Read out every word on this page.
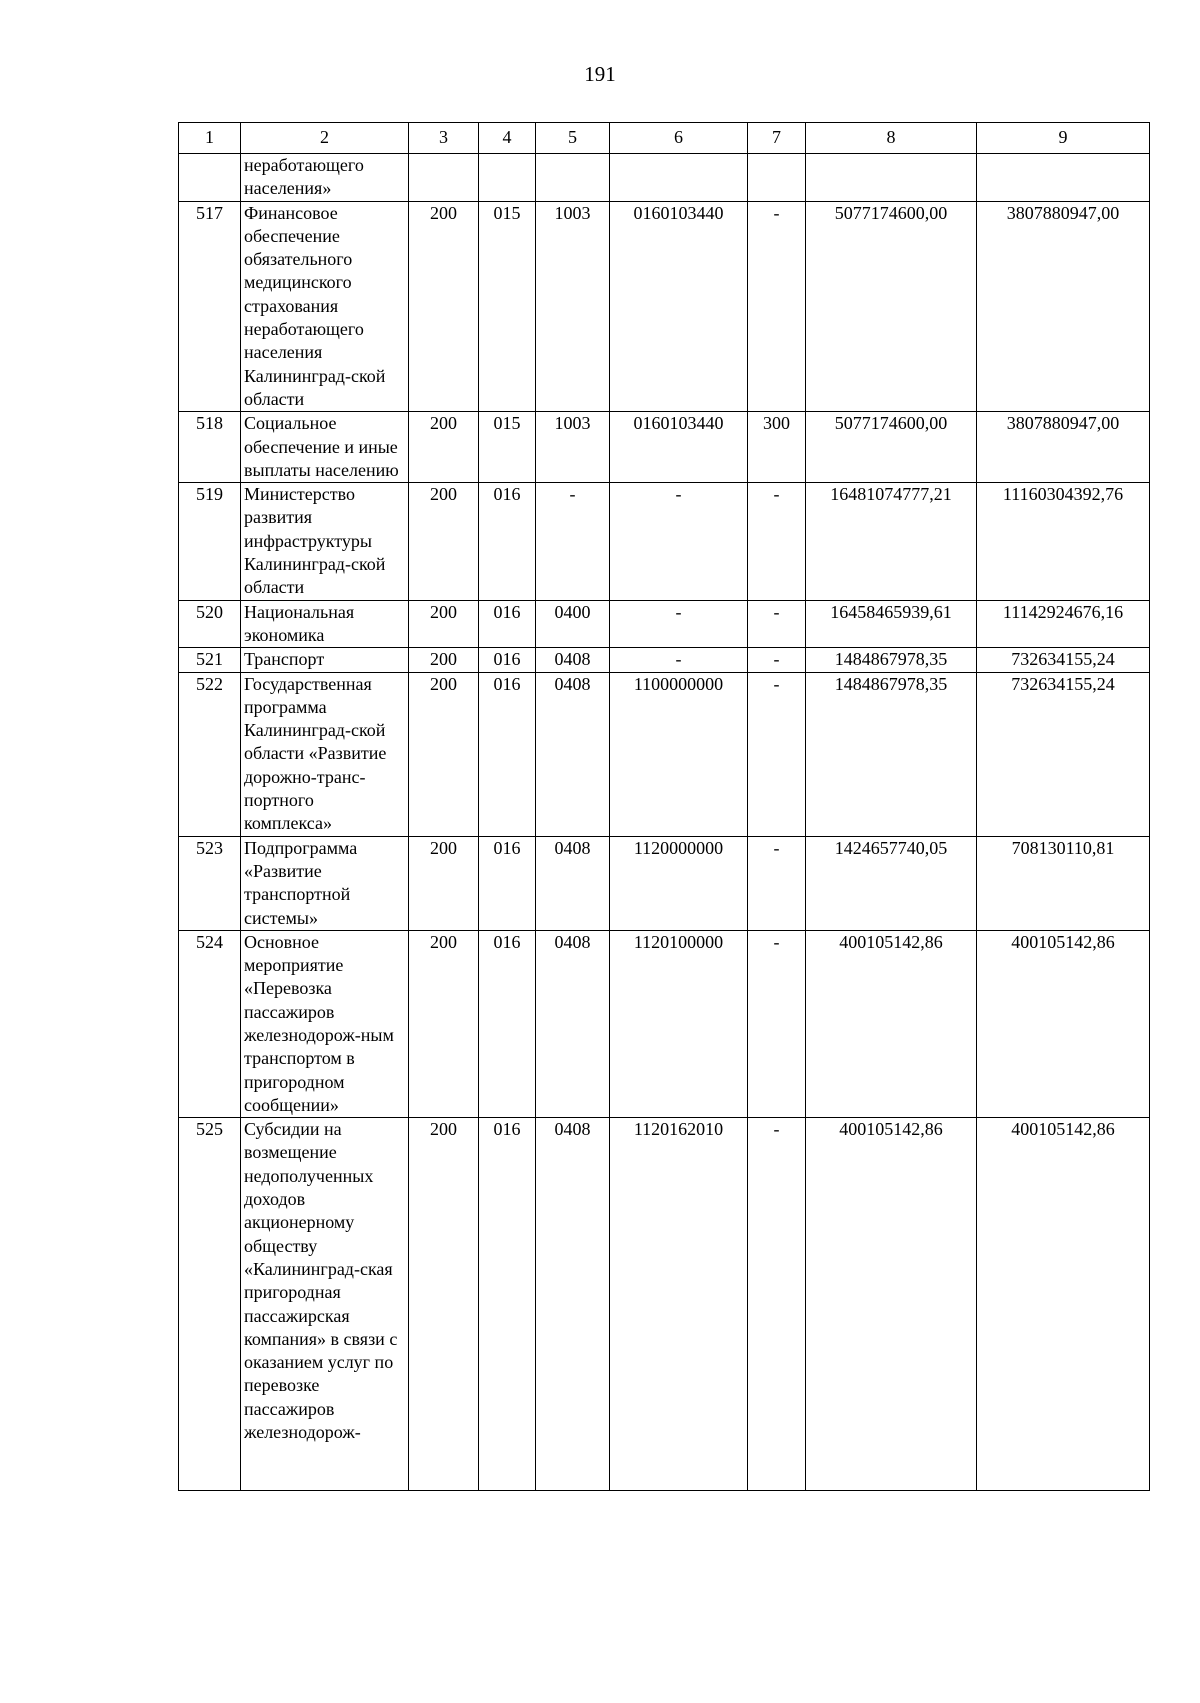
191
1	2	3	4	5	6	7	8	9
	неработающего населения»							
517	Финансовое обеспечение обязательного медицинского страхования неработающего населения Калининград-ской области	200	015	1003	0160103440	-	5077174600,00	3807880947,00
518	Социальное обеспечение и иные выплаты населению	200	015	1003	0160103440	300	5077174600,00	3807880947,00
519	Министерство развития инфраструктуры Калининград-ской области	200	016	-	-	-	16481074777,21	11160304392,76
520	Национальная экономика	200	016	0400	-	-	16458465939,61	11142924676,16
521	Транспорт	200	016	0408	-	-	1484867978,35	732634155,24
522	Государственная программа Калининград-ской области «Развитие дорожно-транс-портного комплекса»	200	016	0408	1100000000	-	1484867978,35	732634155,24
523	Подпрограмма «Развитие транспортной системы»	200	016	0408	1120000000	-	1424657740,05	708130110,81
524	Основное мероприятие «Перевозка пассажиров железнодорож-ным транспортом в пригородном сообщении»	200	016	0408	1120100000	-	400105142,86	400105142,86
525	Субсидии на возмещение недополученных доходов акционерному обществу «Калининград-ская пригородная пассажирская компания» в связи с оказанием услуг по перевозке пассажиров железнодорож-	200	016	0408	1120162010	-	400105142,86	400105142,86
